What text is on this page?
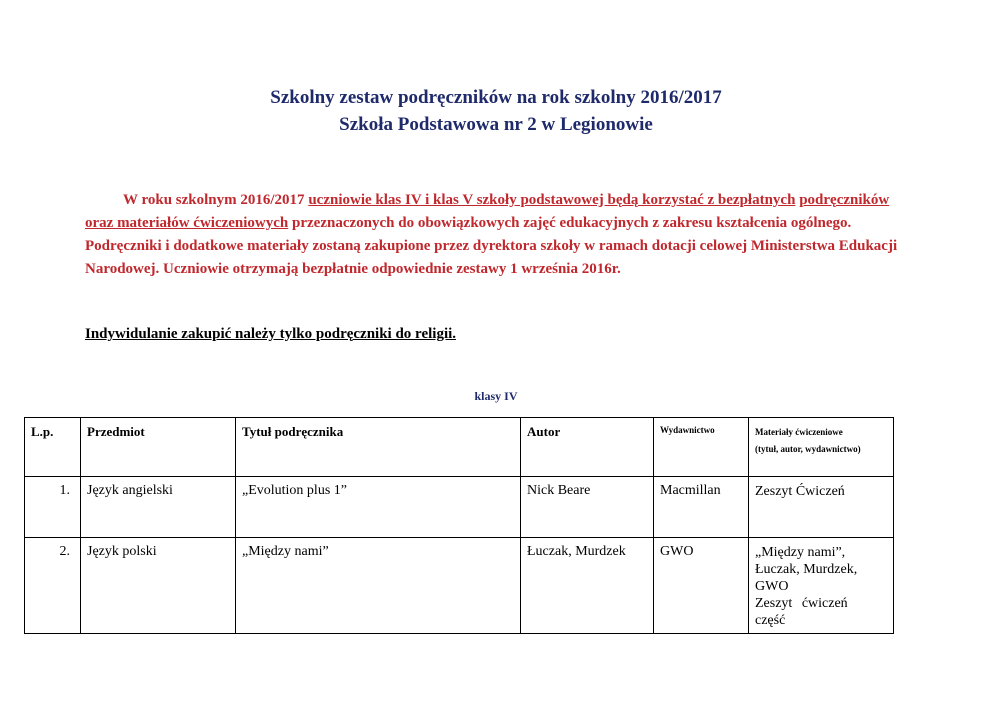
Szkolny zestaw podręczników na rok szkolny 2016/2017
Szkoła Podstawowa nr 2 w Legionowie
W roku szkolnym 2016/2017 uczniowie klas IV i klas V szkoły podstawowej będą korzystać z bezpłatnych podręczników oraz materiałów ćwiczeniowych przeznaczonych do obowiązkowych zajęć edukacyjnych z zakresu kształcenia ogólnego. Podręczniki i dodatkowe materiały zostaną zakupione przez dyrektora szkoły w ramach dotacji celowej Ministerstwa Edukacji Narodowej. Uczniowie otrzymają bezpłatnie odpowiednie zestawy 1 września 2016r.
Indywidulanie zakupić należy tylko podręczniki do religii.
klasy IV
L.p.	Przedmiot	Tytuł podręcznika	Autor	Wydawnictwo	Materiały ćwiczeniowe
(tytuł, autor, wydawnictwo)

1.	Język angielski	„Evolution plus 1”	Nick Beare	Macmillan	Zeszyt Ćwiczeń

2.	Język polski	„Między nami”	Łuczak, Murdzek	GWO	„Między nami”,
Łuczak, Murdzek,
GWO
Zeszyt ćwiczeń część
